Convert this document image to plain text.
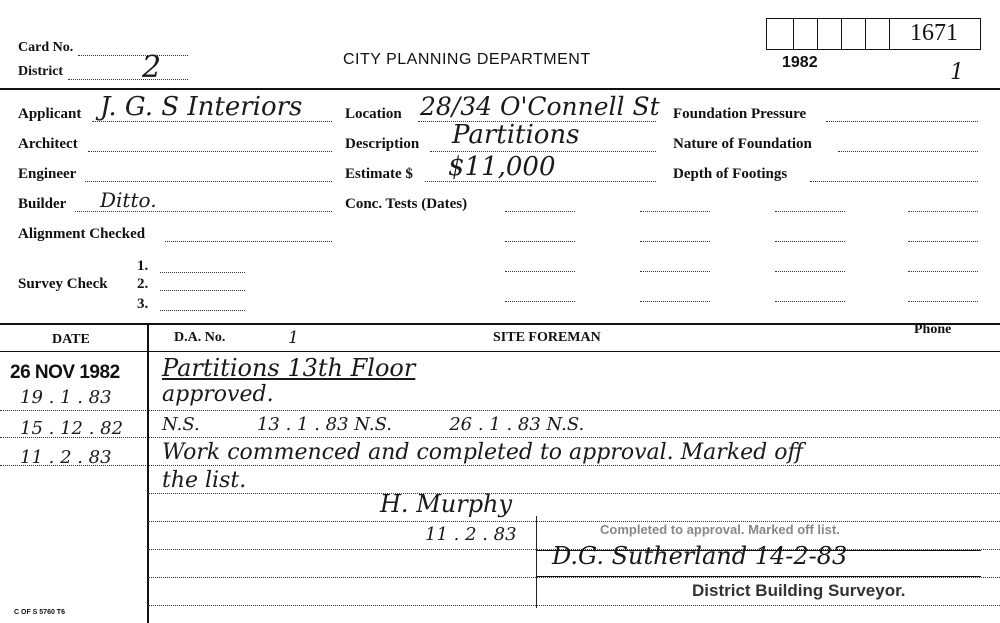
Card No.
District	2	CITY PLANNING DEPARTMENT
1671
1982	1
Applicant J. G. S Interiors
Architect
Engineer
Builder Ditto.
Alignment Checked
Survey Check
1.
2.
3.
Location 28/34 O'Connell St
Description Partitions
Estimate $ $11,000
Conc. Tests (Dates)
Foundation Pressure
Nature of Foundation
Depth of Footings
DATE	D.A. No.	1	SITE FOREMAN
Phone
26 NOV 1982 Partitions 13th Floor
19 . 1 . 83 approved.
15 . 12 . 82 N.S.          13 . 1 . 83 N.S.          26 . 1 . 83 N.S.
11 . 2 . 83 Work commenced and completed to approval. Marked off
the list.
H. Murphy
11 . 2 . 83	Completed to approval. Marked off list.
D.G. Sutherland 14-2-83
District Building Surveyor.
C OF S 5760 T6
